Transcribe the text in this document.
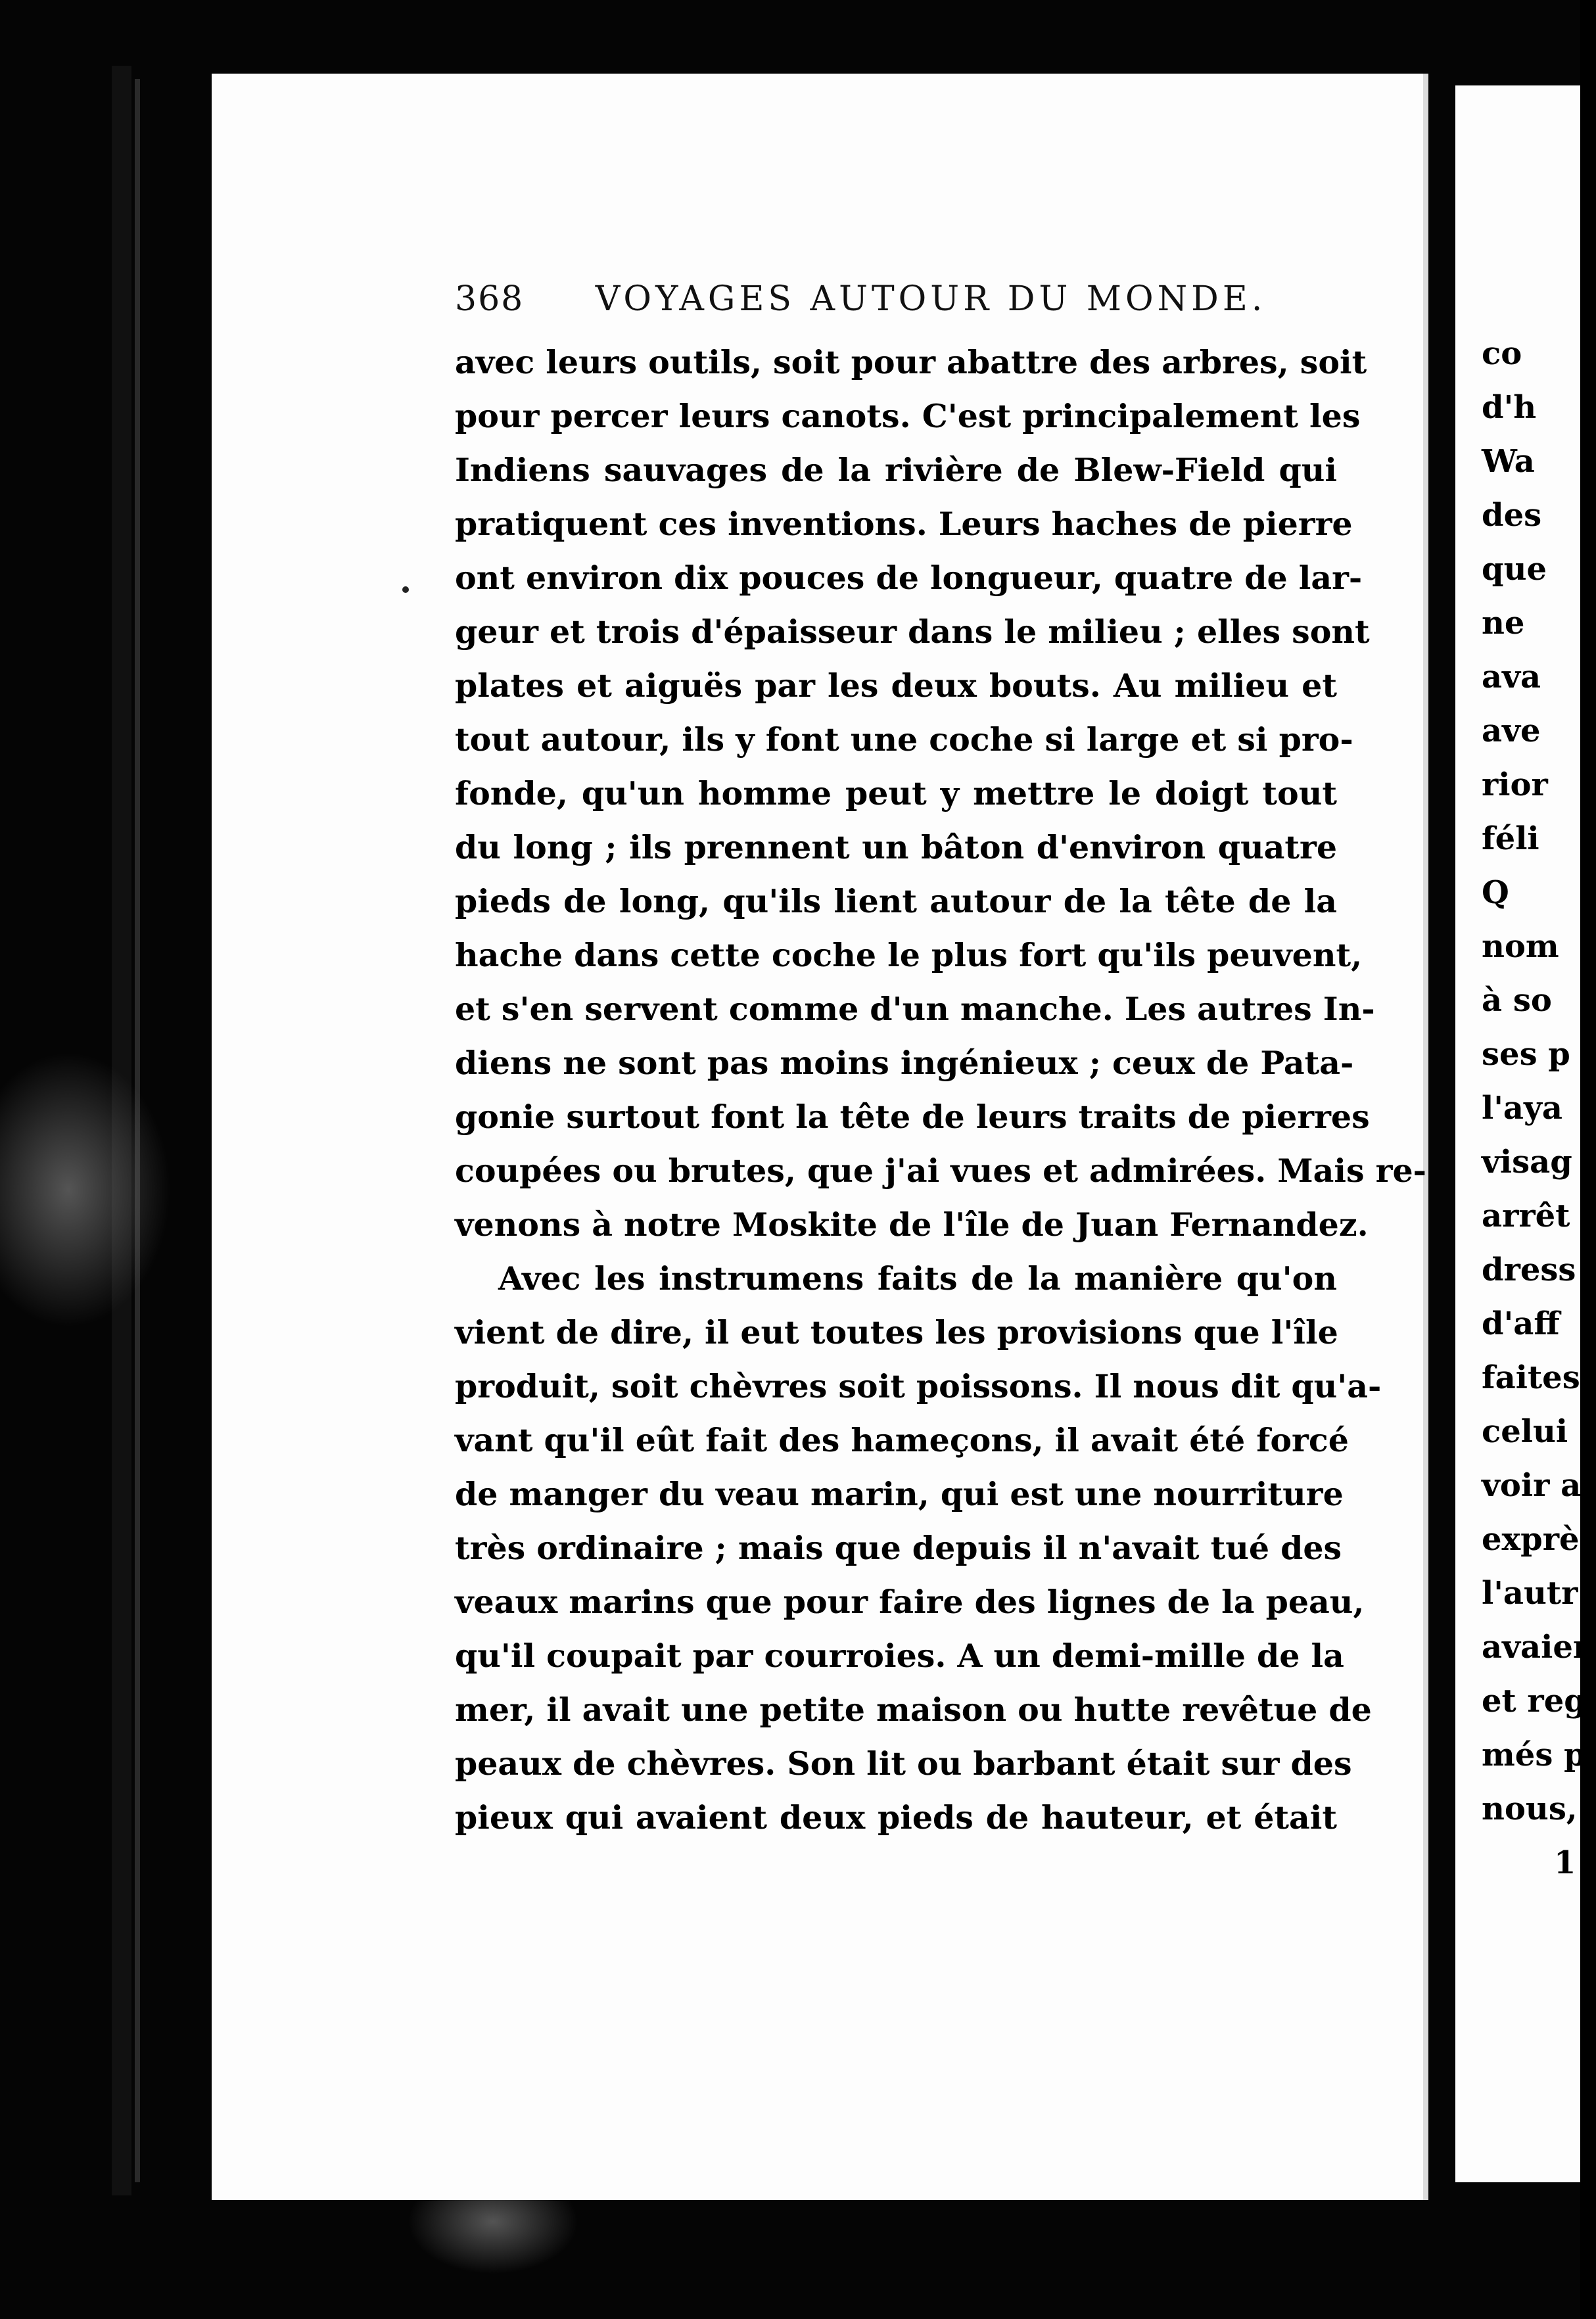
368 VOYAGES AUTOUR DU MONDE.
avec leurs outils, soit pour abattre des arbres, soit
pour percer leurs canots. C'est principalement les
Indiens sauvages de la rivière de Blew-Field qui
pratiquent ces inventions. Leurs haches de pierre
ont environ dix pouces de longueur, quatre de lar-
geur et trois d'épaisseur dans le milieu ; elles sont
plates et aiguës par les deux bouts. Au milieu et
tout autour, ils y font une coche si large et si pro-
fonde, qu'un homme peut y mettre le doigt tout
du long ; ils prennent un bâton d'environ quatre
pieds de long, qu'ils lient autour de la tête de la
hache dans cette coche le plus fort qu'ils peuvent,
et s'en servent comme d'un manche. Les autres In-
diens ne sont pas moins ingénieux ; ceux de Pata-
gonie surtout font la tête de leurs traits de pierres
coupées ou brutes, que j'ai vues et admirées. Mais re-
venons à notre Moskite de l'île de Juan Fernandez.
Avec les instrumens faits de la manière qu'on
vient de dire, il eut toutes les provisions que l'île
produit, soit chèvres soit poissons. Il nous dit qu'a-
vant qu'il eût fait des hameçons, il avait été forcé
de manger du veau marin, qui est une nourriture
très ordinaire ; mais que depuis il n'avait tué des
veaux marins que pour faire des lignes de la peau,
qu'il coupait par courroies. A un demi-mille de la
mer, il avait une petite maison ou hutte revêtue de
peaux de chèvres. Son lit ou barbant était sur des
pieux qui avaient deux pieds de hauteur, et était
co
d'h
Wa
des
que
ne
ava
ave
rior
féli
Q
nom
à so
ses p
l'aya
visag
arrêt
dress
d'aff
faites
celui
voir a
exprè
l'autr
avaien
et reg
més p
nous,
1
